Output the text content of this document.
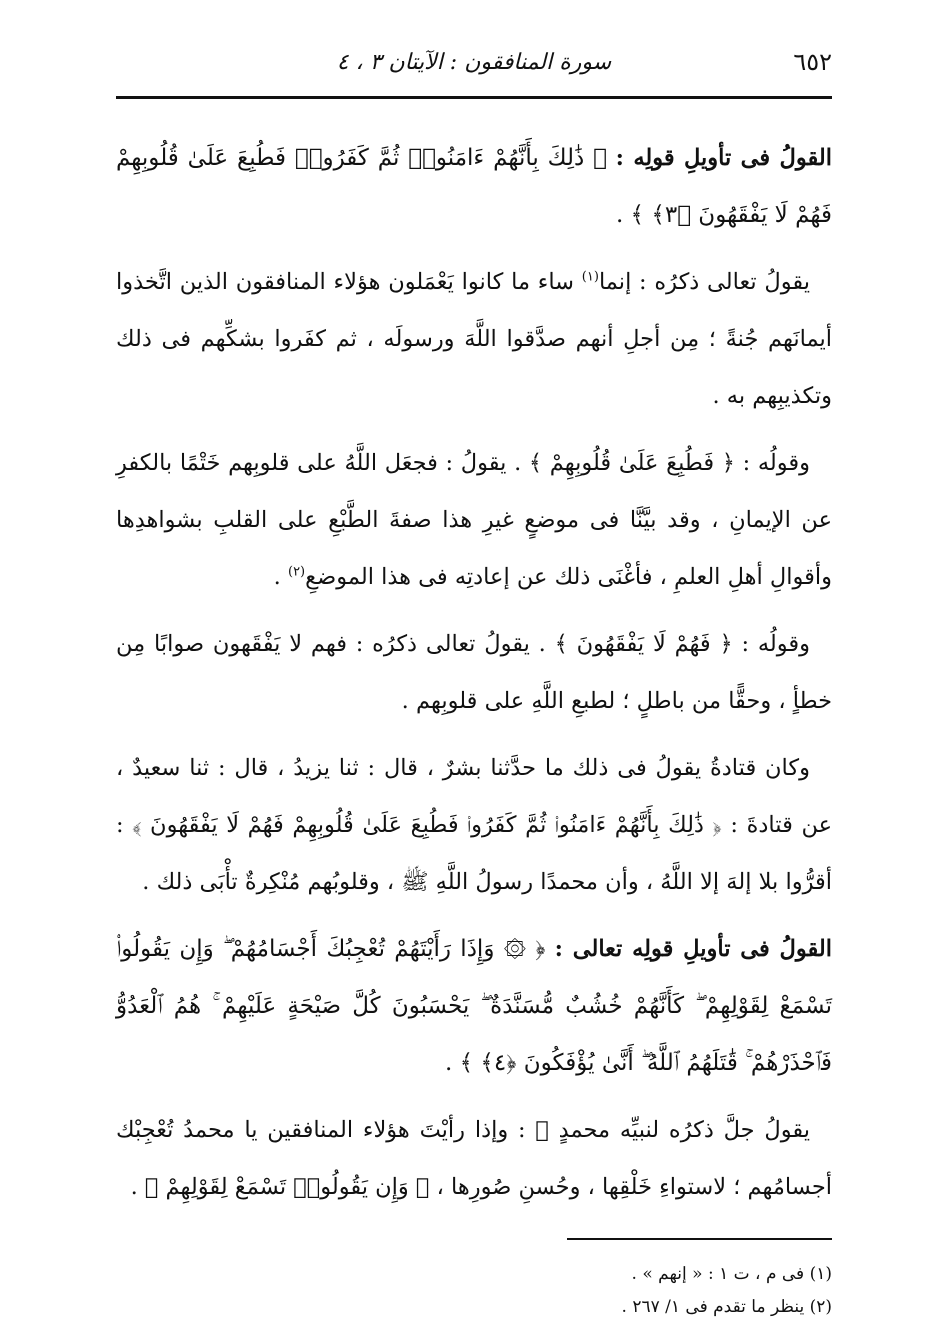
٦٥٢
سورة المنافقون : الآيتان ٣ ، ٤

القولُ فى تأويلِ قولِه : ﴿ ذَٰلِكَ بِأَنَّهُمْ ءَامَنُوا۟ ثُمَّ كَفَرُوا۟ فَطُبِعَ عَلَىٰ قُلُوبِهِمْ فَهُمْ لَا يَفْقَهُونَ ﴿٣﴾ ﴾ .

يقولُ تعالى ذكرُه : إنما$^{(١)}$ ساء ما كانوا يَعْمَلون هؤلاء المنافقون الذين اتَّخذوا أيمانَهم جُنةً ؛ مِن أجلِ أنهم صدَّقوا اللَّهَ ورسولَه ، ثم كفَروا بشكِّهم فى ذلك وتكذيبِهم به .

وقولُه : ﴿ فَطُبِعَ عَلَىٰ قُلُوبِهِمْ ﴾ . يقولُ : فجعَل اللَّهُ على قلوبِهم خَتْمًا بالكفرِ عن الإيمانِ ، وقد بيَّنَّا فى موضعٍ غيرِ هذا صفةَ الطَّبْعِ على القلبِ بشواهدِها وأقوالِ أهلِ العلمِ ، فأغْنَى ذلك عن إعادتِه فى هذا الموضعِ$^{(٢)}$ .

وقولُه : ﴿ فَهُمْ لَا يَفْقَهُونَ ﴾ . يقولُ تعالى ذكرُه : فهم لا يَفْقَهون صوابًا مِن خطأٍ ، وحقًّا من باطلٍ ؛ لطبعِ اللَّهِ على قلوبِهم .

وكان قتادةُ يقولُ فى ذلك ما حدَّثنا بشرٌ ، قال : ثنا يزيدُ ، قال : ثنا سعيدٌ ، عن قتادةَ : ﴿ ذَٰلِكَ بِأَنَّهُمْ ءَامَنُوا۟ ثُمَّ كَفَرُوا۟ فَطُبِعَ عَلَىٰ قُلُوبِهِمْ فَهُمْ لَا يَفْقَهُونَ ﴾ : أقرُّوا بلا إلهَ إلا اللَّهُ ، وأن محمدًا رسولُ اللَّهِ ﷺ ، وقلوبُهم مُنْكِرةٌ تأْبَى ذلك .

القولُ فى تأويلِ قولِه تعالى : ﴿ ۞ وَإِذَا رَأَيْتَهُمْ تُعْجِبُكَ أَجْسَامُهُمْ ۖ وَإِن يَقُولُوا۟ تَسْمَعْ لِقَوْلِهِمْ ۖ كَأَنَّهُمْ خُشُبٌ مُّسَنَّدَةٌ ۖ يَحْسَبُونَ كُلَّ صَيْحَةٍ عَلَيْهِمْ ۚ هُمُ ٱلْعَدُوُّ فَٱحْذَرْهُمْ ۚ قَٰتَلَهُمُ ٱللَّهُ ۖ أَنَّىٰ يُؤْفَكُونَ ﴿٤﴾ ﴾ .

يقولُ جلَّ ذكرُه لنبيِّه محمدٍ ﷺ : وإذا رأيْتَ هؤلاء المنافقين يا محمدُ تُعْجِبْك أجسامُهم ؛ لاستواءِ خَلْقِها ، وحُسنِ صُورِها ، ﴿ وَإِن يَقُولُوا۟ تَسْمَعْ لِقَوْلِهِمْ ﴾ .

(١) فى م ، ت ١ : « إنهم » .
(٢) ينظر ما تقدم فى ١/ ٢٦٧ .
